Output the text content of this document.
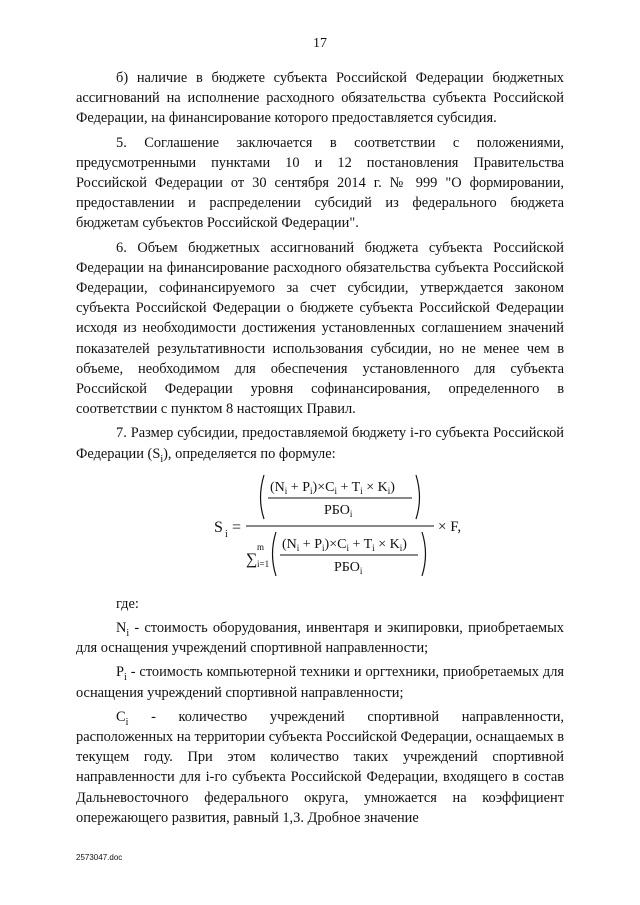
17

б) наличие в бюджете субъекта Российской Федерации бюджетных ассигнований на исполнение расходного обязательства субъекта Российской Федерации, на финансирование которого предоставляется субсидия.

5. Соглашение заключается в соответствии с положениями, предусмотренными пунктами 10 и 12 постановления Правительства Российской Федерации от 30 сентября 2014 г. № 999 "О формировании, предоставлении и распределении субсидий из федерального бюджета бюджетам субъектов Российской Федерации".

6. Объем бюджетных ассигнований бюджета субъекта Российской Федерации на финансирование расходного обязательства субъекта Российской Федерации, софинансируемого за счет субсидии, утверждается законом субъекта Российской Федерации о бюджете субъекта Российской Федерации исходя из необходимости достижения установленных соглашением значений показателей результативности использования субсидии, но не менее чем в объеме, необходимом для обеспечения установленного для субъекта Российской Федерации уровня софинансирования, определенного в соответствии с пунктом 8 настоящих Правил.

7. Размер субсидии, предоставляемой бюджету i-го субъекта Российской Федерации $(S_i)$, определяется по формуле:

S i =
$(N_i + P_i)\times C_i + T_i \times K_i$)
$РБО_i$
∑
m
i=1
$(N_i + P_i)\times C_i + T_i \times K_i$)
$РБО_i$
× F,

где:

$N_i$ - стоимость оборудования, инвентаря и экипировки, приобретаемых для оснащения учреждений спортивной направленности;

$P_i$ - стоимость компьютерной техники и оргтехники, приобретаемых для оснащения учреждений спортивной направленности;

$C_i$ - количество учреждений спортивной направленности, расположенных на территории субъекта Российской Федерации, оснащаемых в текущем году. При этом количество таких учреждений спортивной направленности для i-го субъекта Российской Федерации, входящего в состав Дальневосточного федерального округа, умножается на коэффициент опережающего развития, равный 1,3. Дробное значение

2573047.doc
